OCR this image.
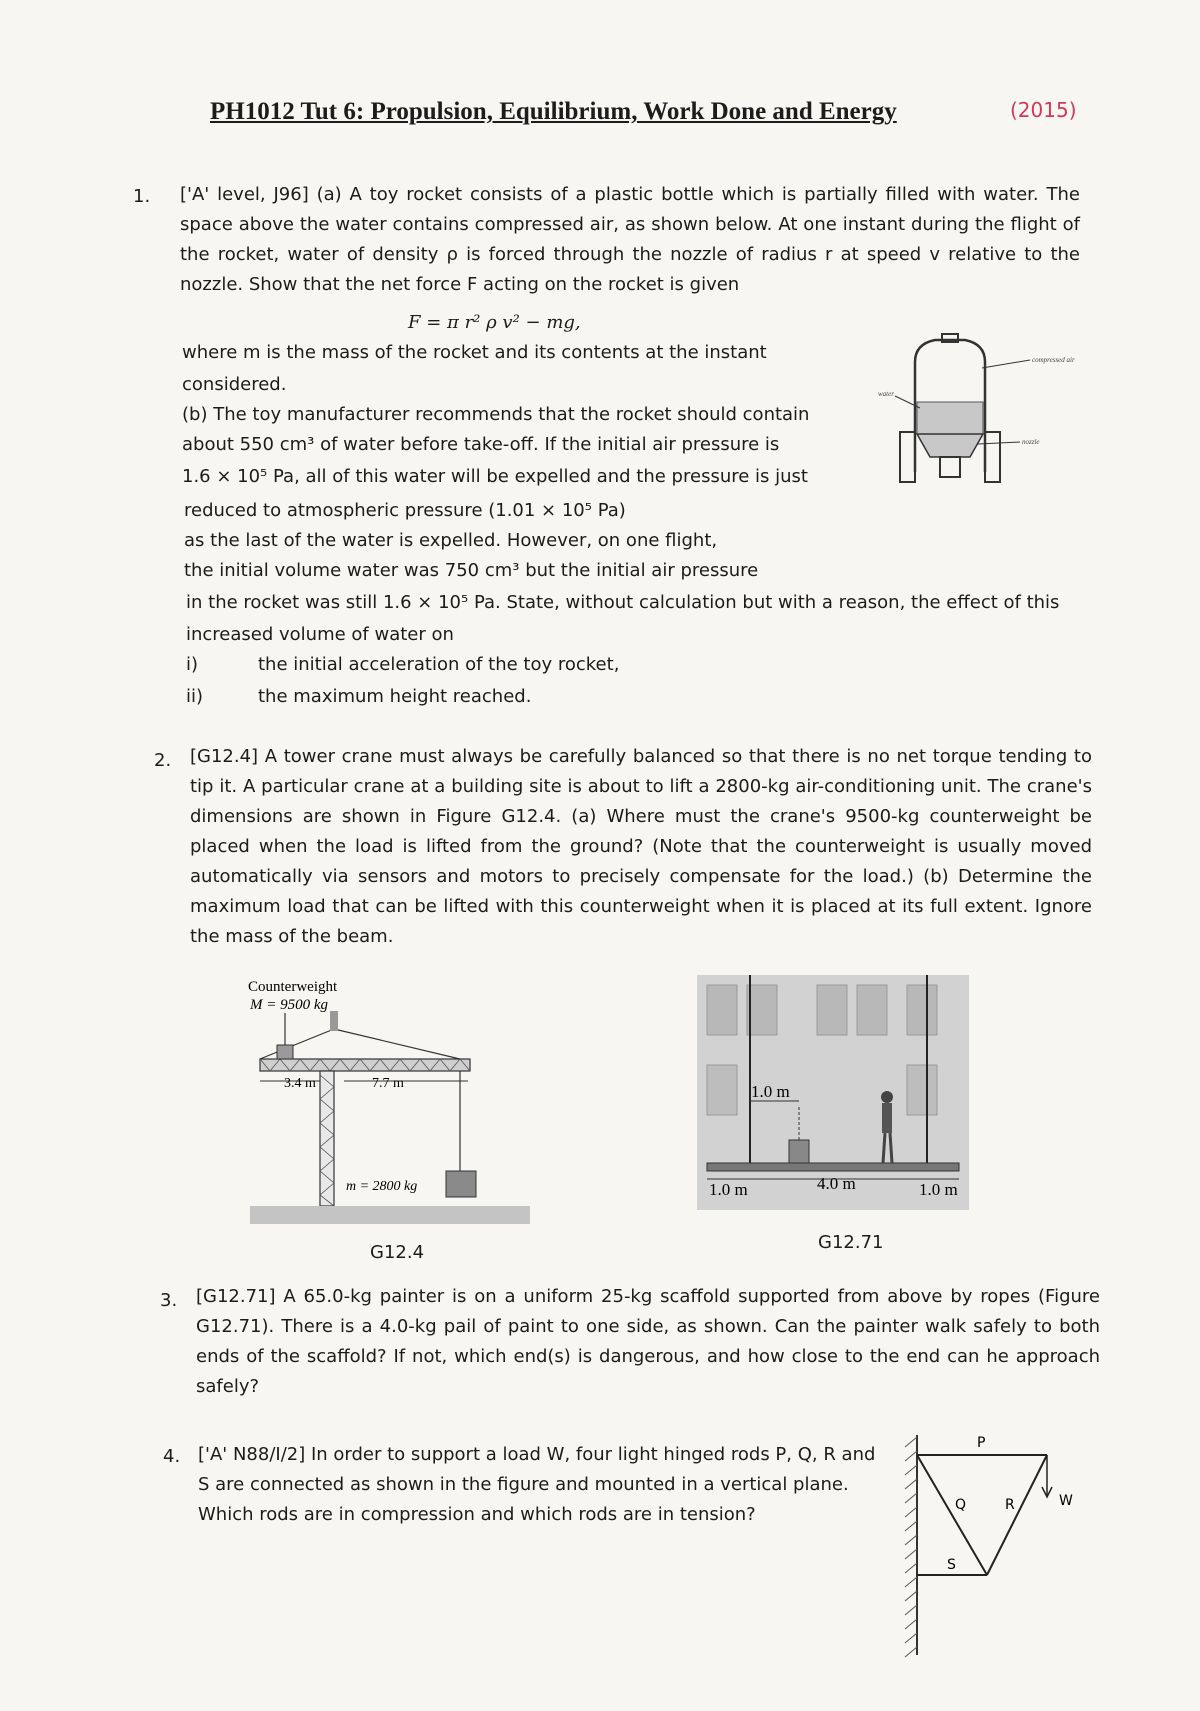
PH1012 Tut 6: Propulsion, Equilibrium, Work Done and Energy	(2015)
1. ['A' level, J96] (a) A toy rocket consists of a plastic bottle which is partially filled with water. The space above the water contains compressed air, as shown below. At one instant during the flight of the rocket, water of density ρ is forced through the nozzle of radius r at speed v relative to the nozzle. Show that the net force F acting on the rocket is given
F = π r² ρ v² − mg,
where m is the mass of the rocket and its contents at the instant
considered.
(b) The toy manufacturer recommends that the rocket should contain
about 550 cm³ of water before take-off. If the initial air pressure is
1.6 × 10⁵ Pa, all of this water will be expelled and the pressure is just
reduced to atmospheric pressure (1.01 × 10⁵ Pa)
as the last of the water is expelled. However, on one flight,
the initial volume water was 750 cm³ but the initial air pressure
in the rocket was still 1.6 × 10⁵ Pa. State, without calculation but with a reason, the effect of this
increased volume of water on
i)	the initial acceleration of the toy rocket,
ii)	the maximum height reached.
compressed air
water
nozzle
2. [G12.4] A tower crane must always be carefully balanced so that there is no net torque tending to tip it. A particular crane at a building site is about to lift a 2800-kg air-conditioning unit. The crane's dimensions are shown in Figure G12.4. (a) Where must the crane's 9500-kg counterweight be placed when the load is lifted from the ground? (Note that the counterweight is usually moved automatically via sensors and motors to precisely compensate for the load.) (b) Determine the maximum load that can be lifted with this counterweight when it is placed at its full extent. Ignore the mass of the beam.
Counterweight
M = 9500 kg
3.4 m	7.7 m
m = 2800 kg
G12.4
1.0 m
1.0 m	4.0 m	1.0 m
G12.71
3. [G12.71] A 65.0-kg painter is on a uniform 25-kg scaffold supported from above by ropes (Figure G12.71). There is a 4.0-kg pail of paint to one side, as shown. Can the painter walk safely to both ends of the scaffold? If not, which end(s) is dangerous, and how close to the end can he approach safely?
4. ['A' N88/I/2] In order to support a load W, four light hinged rods P, Q, R and S are connected as shown in the figure and mounted in a vertical plane. Which rods are in compression and which rods are in tension?
P
Q	R
S
W
